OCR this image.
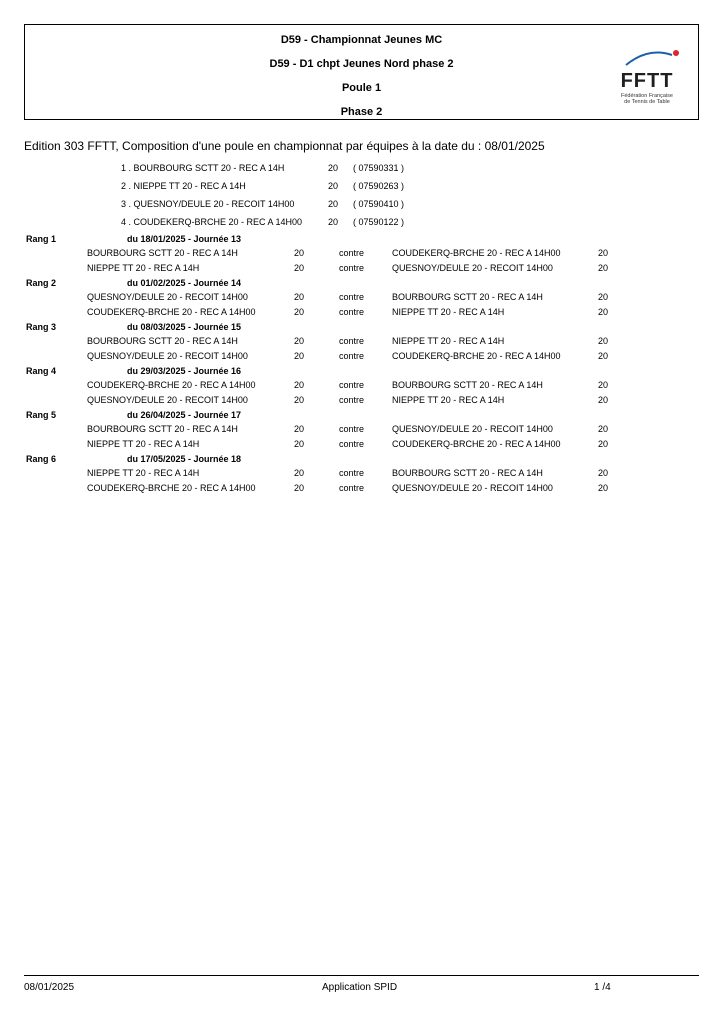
D59 - Championnat Jeunes MC
D59 - D1 chpt Jeunes Nord phase 2
Poule 1
Phase 2
FFTT
Fédération Française
de Tennis de Table
Edition 303 FFTT, Composition d'une poule en championnat par équipes à la date du : 08/01/2025
1 . BOURBOURG SCTT 20 - REC A 14H	20 ( 07590331 )
2 . NIEPPE TT 20 - REC A 14H	20 ( 07590263 )
3 . QUESNOY/DEULE 20 - RECOIT 14H00	20 ( 07590410 )
4 . COUDEKERQ-BRCHE 20 - REC A 14H00	20 ( 07590122 )
Rang 1	du 18/01/2025 - Journée 13
BOURBOURG SCTT 20 - REC A 14H	20	contre	COUDEKERQ-BRCHE 20 - REC A 14H00	20
NIEPPE TT 20 - REC A 14H	20	contre	QUESNOY/DEULE 20 - RECOIT 14H00	20
Rang 2	du 01/02/2025 - Journée 14
QUESNOY/DEULE 20 - RECOIT 14H00	20	contre	BOURBOURG SCTT 20 - REC A 14H	20
COUDEKERQ-BRCHE 20 - REC A 14H00	20	contre	NIEPPE TT 20 - REC A 14H	20
Rang 3	du 08/03/2025 - Journée 15
BOURBOURG SCTT 20 - REC A 14H	20	contre	NIEPPE TT 20 - REC A 14H	20
QUESNOY/DEULE 20 - RECOIT 14H00	20	contre	COUDEKERQ-BRCHE 20 - REC A 14H00	20
Rang 4	du 29/03/2025 - Journée 16
COUDEKERQ-BRCHE 20 - REC A 14H00	20	contre	BOURBOURG SCTT 20 - REC A 14H	20
QUESNOY/DEULE 20 - RECOIT 14H00	20	contre	NIEPPE TT 20 - REC A 14H	20
Rang 5	du 26/04/2025 - Journée 17
BOURBOURG SCTT 20 - REC A 14H	20	contre	QUESNOY/DEULE 20 - RECOIT 14H00	20
NIEPPE TT 20 - REC A 14H	20	contre	COUDEKERQ-BRCHE 20 - REC A 14H00	20
Rang 6	du 17/05/2025 - Journée 18
NIEPPE TT 20 - REC A 14H	20	contre	BOURBOURG SCTT 20 - REC A 14H	20
COUDEKERQ-BRCHE 20 - REC A 14H00	20	contre	QUESNOY/DEULE 20 - RECOIT 14H00	20
08/01/2025	Application SPID	1 /4
